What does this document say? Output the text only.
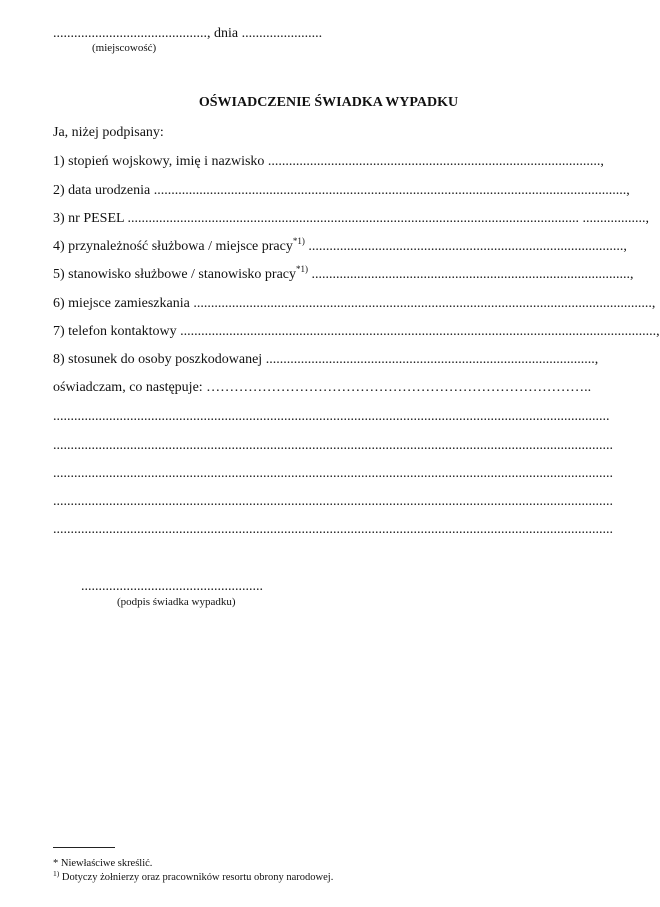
............................................, dnia .......................
(miejscowość)
OŚWIADCZENIE ŚWIADKA WYPADKU
Ja, niżej podpisany:
1) stopień wojskowy, imię i nazwisko ...............................................................................................,
2) data urodzenia .......................................................................................................................................,
3) nr PESEL ................................................................................................................................. ..................,
4) przynależność służbowa / miejsce pracy$^{*1)}$ ..........................................................................................,
5) stanowisko służbowe / stanowisko pracy$^{*1)}$ ...........................................................................................,
6) miejsce zamieszkania ...................................................................................................................................,
7) telefon kontaktowy ........................................................................................................................................,
8) stosunek do osoby poszkodowanej ..............................................................................................,
oświadczam, co następuje: ………………………………………………………………………..
...............................................................................................................................................................
................................................................................................................................................................
................................................................................................................................................................
................................................................................................................................................................
................................................................................................................................................................
....................................................
(podpis świadka wypadku)
* Niewłaściwe skreślić.
$^{1)}$ Dotyczy żołnierzy oraz pracowników resortu obrony narodowej.
